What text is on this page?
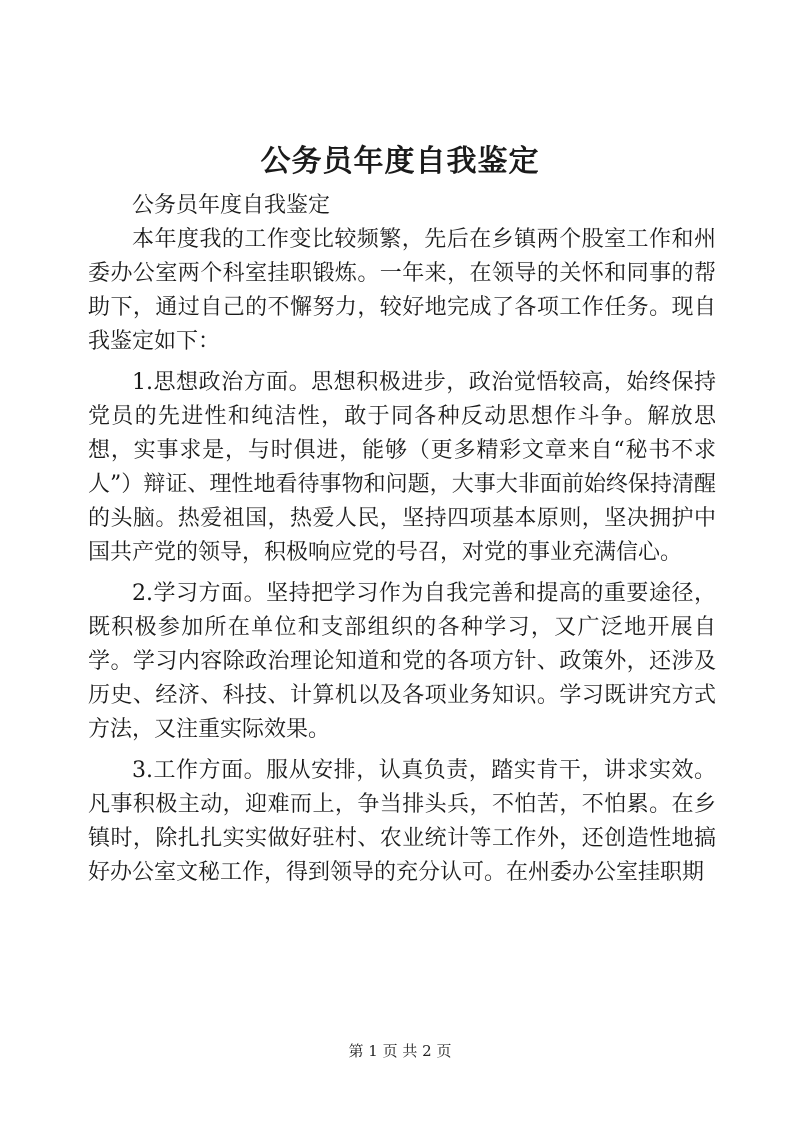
公务员年度自我鉴定

公务员年度自我鉴定

本年度我的工作变比较频繁，先后在乡镇两个股室工作和州委办公室两个科室挂职锻炼。一年来，在领导的关怀和同事的帮助下，通过自己的不懈努力，较好地完成了各项工作任务。现自我鉴定如下：

1.思想政治方面。思想积极进步，政治觉悟较高，始终保持党员的先进性和纯洁性，敢于同各种反动思想作斗争。解放思想，实事求是，与时俱进，能够（更多精彩文章来自“秘书不求人”）辩证、理性地看待事物和问题，大事大非面前始终保持清醒的头脑。热爱祖国，热爱人民，坚持四项基本原则，坚决拥护中国共产党的领导，积极响应党的号召，对党的事业充满信心。

2.学习方面。坚持把学习作为自我完善和提高的重要途径，既积极参加所在单位和支部组织的各种学习，又广泛地开展自学。学习内容除政治理论知道和党的各项方针、政策外，还涉及历史、经济、科技、计算机以及各项业务知识。学习既讲究方式方法，又注重实际效果。

3.工作方面。服从安排，认真负责，踏实肯干，讲求实效。凡事积极主动，迎难而上，争当排头兵，不怕苦，不怕累。在乡镇时，除扎扎实实做好驻村、农业统计等工作外，还创造性地搞好办公室文秘工作，得到领导的充分认可。在州委办公室挂职期

第 1 页 共 2 页
